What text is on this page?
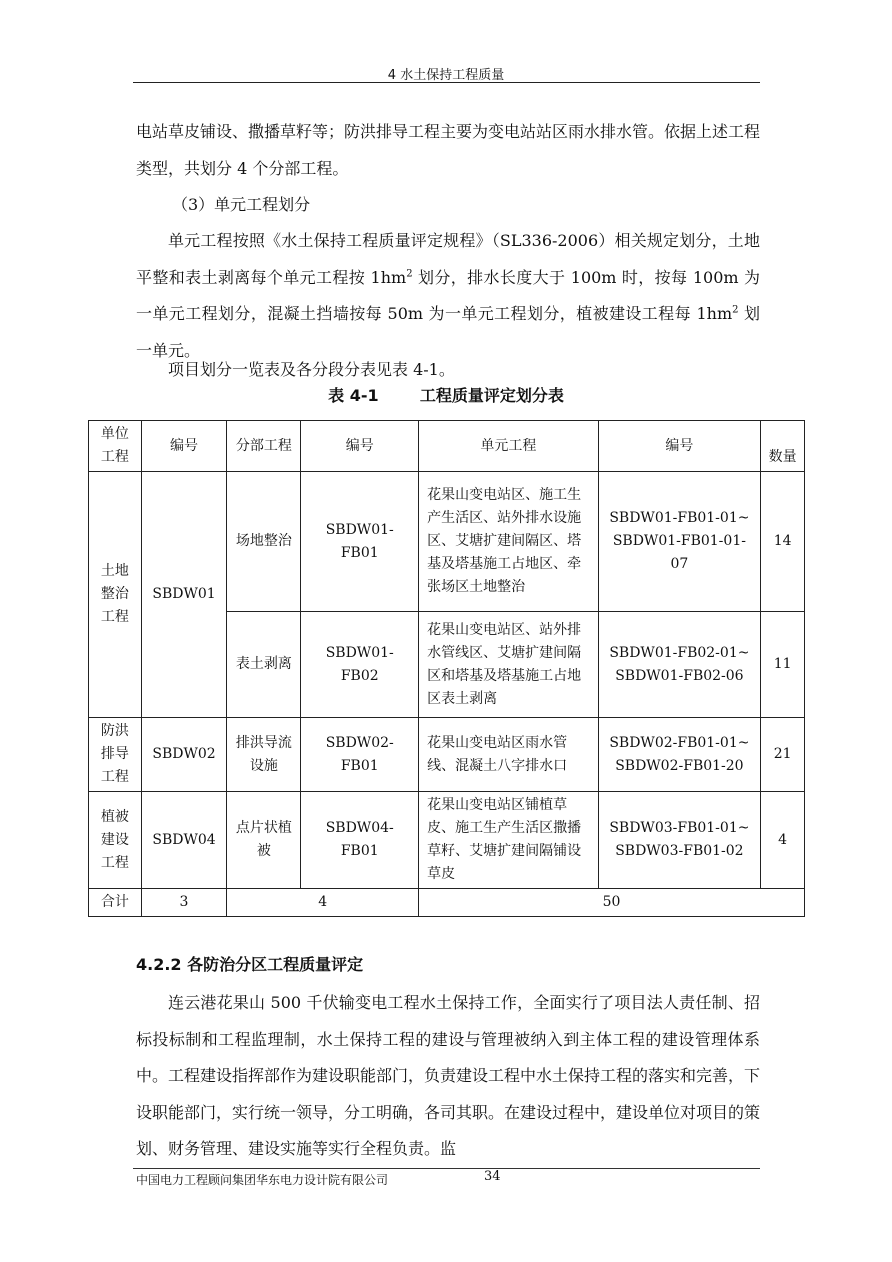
4 水土保持工程质量

电站草皮铺设、撒播草籽等；防洪排导工程主要为变电站站区雨水排水管。依据上述工程类型，共划分 4 个分部工程。

（3）单元工程划分

单元工程按照《水土保持工程质量评定规程》（SL336-2006）相关规定划分，土地平整和表土剥离每个单元工程按 $1hm^2$ 划分，排水长度大于 100m 时，按每 100m 为一单元工程划分，混凝土挡墙按每 50m 为一单元工程划分，植被建设工程每 $1hm^2$ 划一单元。

项目划分一览表及各分段分表见表 4-1。

表 4-1	工程质量评定划分表
单位工程	编号	分部工程	编号	单元工程	编号	数量
土地整治工程	SBDW01	场地整治	SBDW01-FB01	花果山变电站区、施工生产生活区、站外排水设施区、艾塘扩建间隔区、塔基及塔基施工占地区、牵张场区土地整治	SBDW01-FB01-01~
SBDW01-FB01-01-07	14
		表土剥离	SBDW01-FB02	花果山变电站区、站外排水管线区、艾塘扩建间隔区和塔基及塔基施工占地区表土剥离	SBDW01-FB02-01~
SBDW01-FB02-06	11
防洪排导工程	SBDW02	排洪导流设施	SBDW02-FB01	花果山变电站区雨水管线、混凝土八字排水口	SBDW02-FB01-01~
SBDW02-FB01-20	21
植被建设工程	SBDW04	点片状植被	SBDW04-FB01	花果山变电站区铺植草皮、施工生产生活区撒播草籽、艾塘扩建间隔铺设草皮	SBDW03-FB01-01~
SBDW03-FB01-02	4
合计	3	4		50		
4.2.2 各防治分区工程质量评定

连云港花果山 500 千伏输变电工程水土保持工作，全面实行了项目法人责任制、招标投标制和工程监理制，水土保持工程的建设与管理被纳入到主体工程的建设管理体系中。工程建设指挥部作为建设职能部门，负责建设工程中水土保持工程的落实和完善，下设职能部门，实行统一领导，分工明确，各司其职。在建设过程中，建设单位对项目的策划、财务管理、建设实施等实行全程负责。监

中国电力工程顾问集团华东电力设计院有限公司	34
